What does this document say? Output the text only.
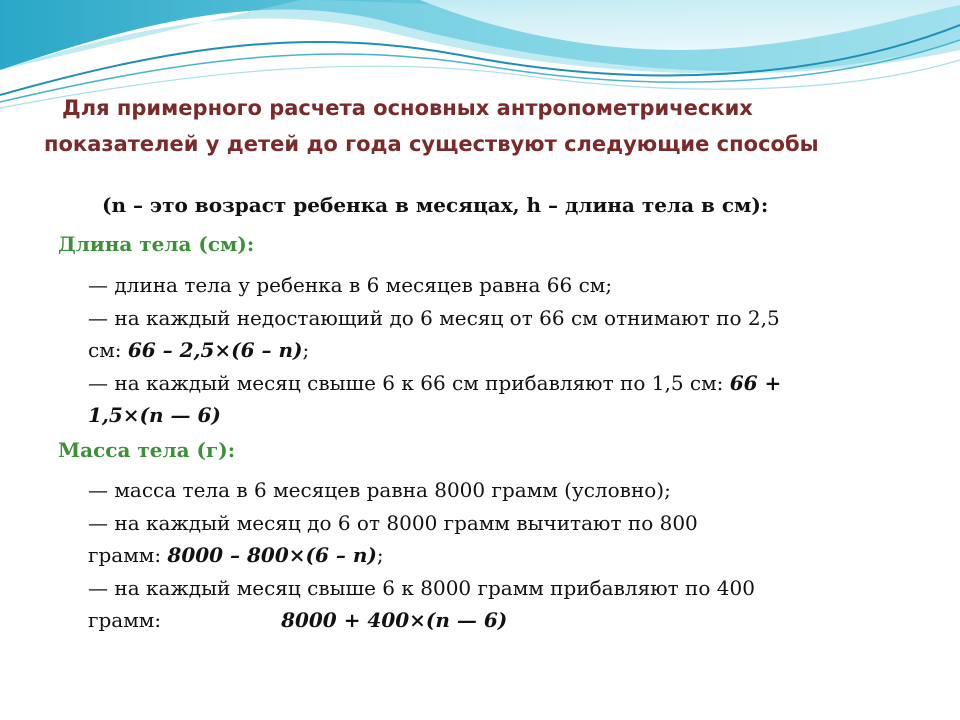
Для примерного расчета основных антропометрических
показателей у детей до года существуют следующие способы
(n – это возраст ребенка в месяцах, h – длина тела в см):
Длина тела (см):
— длина тела у ребенка в 6 месяцев равна 66 см;
— на каждый недостающий до 6 месяц от 66 см отнимают по 2,5
см: 66 – 2,5×(6 – n);
— на каждый месяц свыше 6 к 66 см прибавляют по 1,5 см: 66 +
1,5×(n — 6)
Масса тела (г):
— масса тела в 6 месяцев равна 8000 грамм (условно);
— на каждый месяц до 6 от 8000 грамм вычитают по 800
грамм: 8000 – 800×(6 – n);
— на каждый месяц свыше 6 к 8000 грамм прибавляют по 400
грамм:	8000 + 400×(n — 6)
